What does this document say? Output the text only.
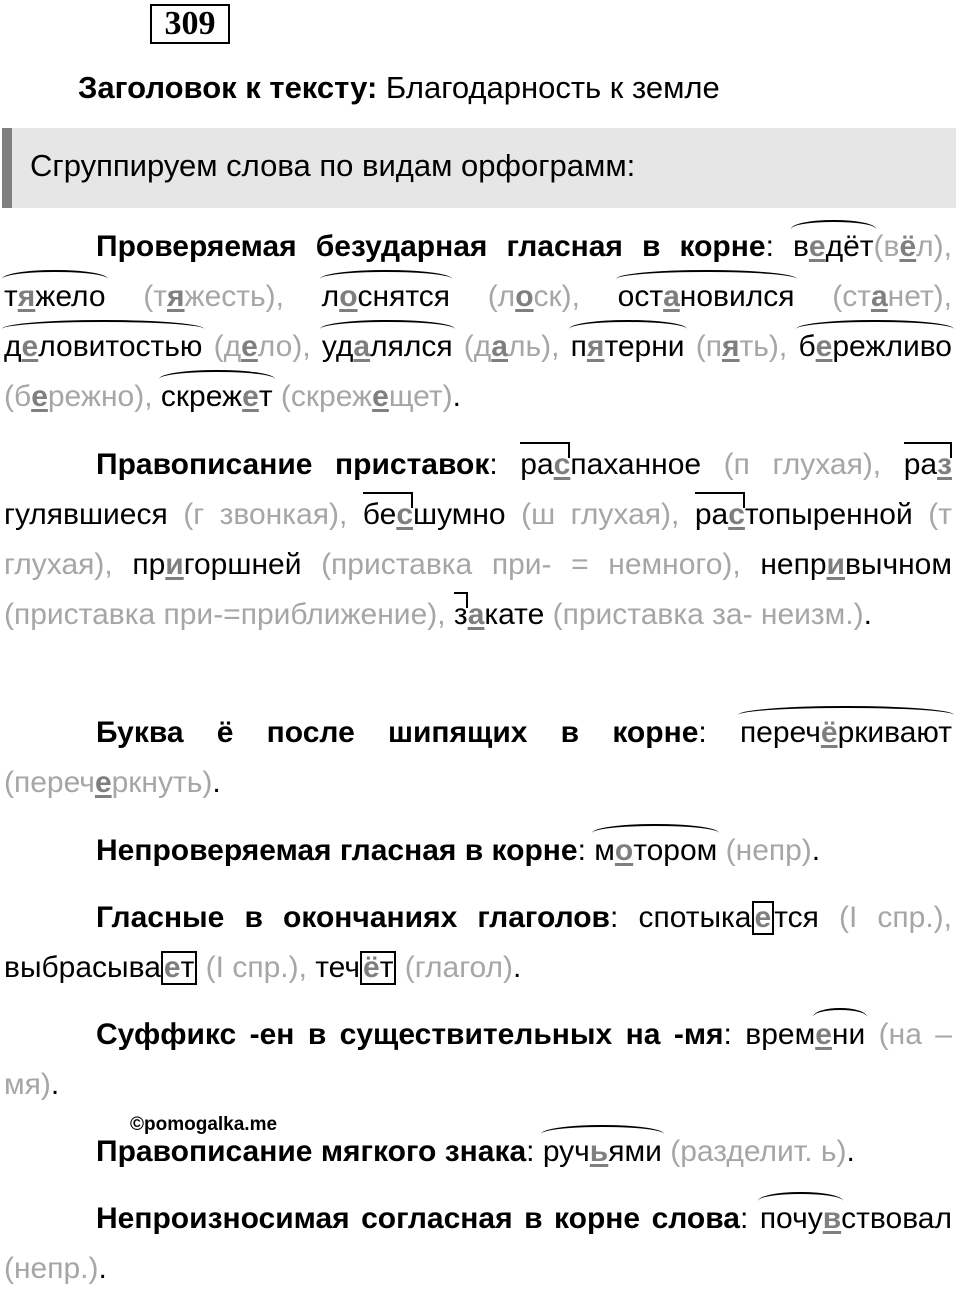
309
Заголовок к тексту: Благодарность к земле
Сгруппируем слова по видам орфограмм:
Проверяемая безударная гласная в корне: ведёт(вёл), тяжело (тяжесть), лоснятся (лоск), остановился (станет), деловитостью (дело), удалялся (даль), пятерни (пять), бережливо (бережно), скрежет (скрежещет).
Правописание приставок: распаханное (п глухая), разгулявшиеся (г звонкая), бесшумно (ш глухая), растопыренной (т глухая), пригоршней (приставка при- = немного), непривычном (приставка при-=приближение), закате (приставка за- неизм.).
Буква ё после шипящих в корне: перечёркивают (перечеркнуть).
Непроверяемая гласная в корне: мотором (непр).
Гласные в окончаниях глаголов: спотыка е тся (I спр.), выбрасыва ет (I спр.), теч ёт (глагол).
Суффикс -ен в существительных на -мя: времени (на –мя).
©pomogalka.me
Правописание мягкого знака: ручьями (разделит. ь).
Непроизносимая согласная в корне слова: почувствовал (непр.).
